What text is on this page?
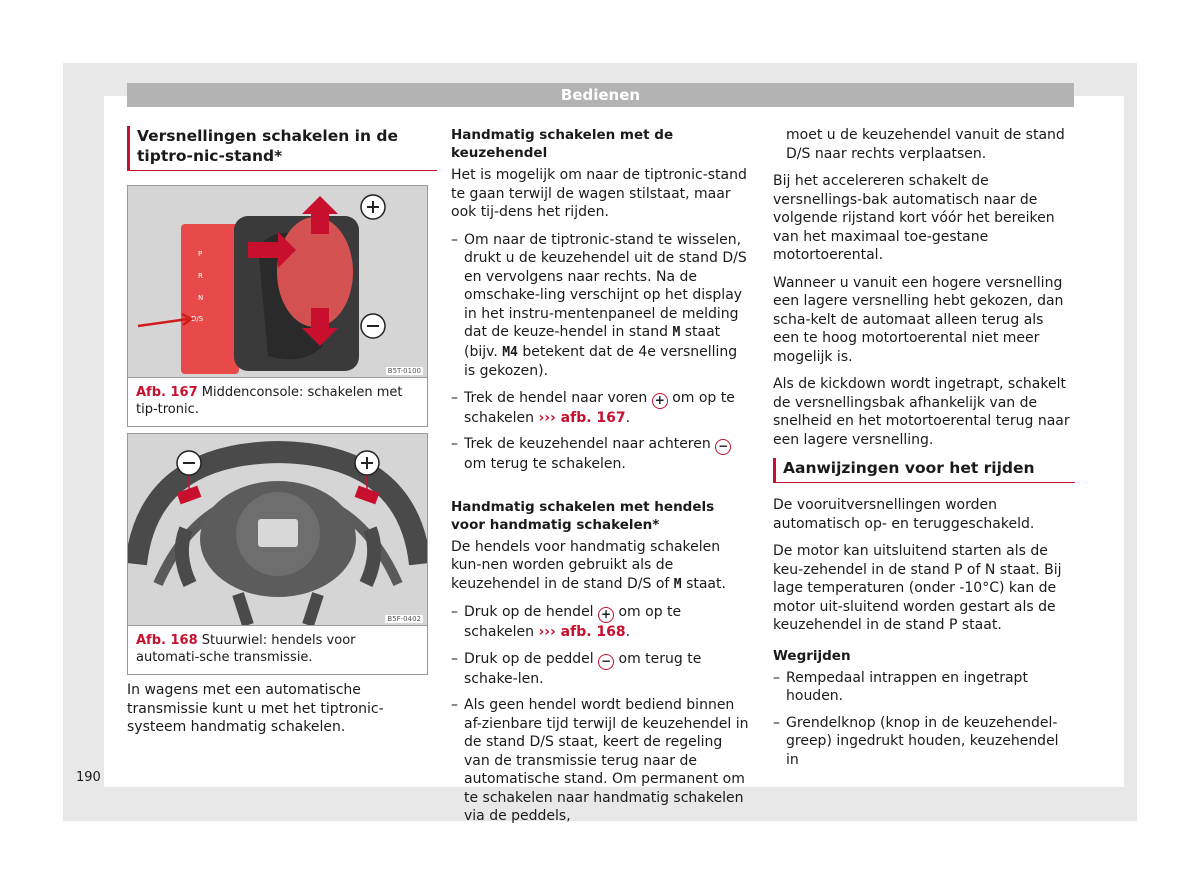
Bedienen
Versnellingen schakelen in de tiptro-nic-stand*
P
R
N
D/S
B5T-0100
Afb. 167 Middenconsole: schakelen met tip-tronic.
B5F-0402
Afb. 168 Stuurwiel: hendels voor automati-sche transmissie.

In wagens met een automatische transmissie kunt u met het tiptronic-systeem handmatig schakelen.

Handmatig schakelen met de keuzehendel

Het is mogelijk om naar de tiptronic-stand te gaan terwijl de wagen stilstaat, maar ook tij-dens het rijden.

– Om naar de tiptronic-stand te wisselen, drukt u de keuzehendel uit de stand D/S en vervolgens naar rechts. Na de omschake-ling verschijnt op het display in het instru-mentenpaneel de melding dat de keuze-hendel in stand M staat (bijv. M4 betekent dat de 4e versnelling is gekozen).
– Trek de hendel naar voren + om op te schakelen ››› afb. 167.
– Trek de keuzehendel naar achteren − om terug te schakelen.
Handmatig schakelen met hendels voor handmatig schakelen*

De hendels voor handmatig schakelen kun-nen worden gebruikt als de keuzehendel in de stand D/S of M staat.

– Druk op de hendel + om op te schakelen ››› afb. 168.
– Druk op de peddel − om terug te schake-len.
– Als geen hendel wordt bediend binnen af-zienbare tijd terwijl de keuzehendel in de stand D/S staat, keert de regeling van de transmissie terug naar de automatische stand. Om permanent om te schakelen naar handmatig schakelen via de peddels,

moet u de keuzehendel vanuit de stand D/S naar rechts verplaatsen.

Bij het accelereren schakelt de versnellings-bak automatisch naar de volgende rijstand kort vóór het bereiken van het maximaal toe-gestane motortoerental.

Wanneer u vanuit een hogere versnelling een lagere versnelling hebt gekozen, dan scha-kelt de automaat alleen terug als een te hoog motortoerental niet meer mogelijk is.

Als de kickdown wordt ingetrapt, schakelt de versnellingsbak afhankelijk van de snelheid en het motortoerental terug naar een lagere versnelling.

Aanwijzingen voor het rijden

De vooruitversnellingen worden automatisch op- en teruggeschakeld.

De motor kan uitsluitend starten als de keu-zehendel in de stand P of N staat. Bij lage temperaturen (onder -10°C) kan de motor uit-sluitend worden gestart als de keuzehendel in de stand P staat.

Wegrijden
– Rempedaal intrappen en ingetrapt houden.
– Grendelknop (knop in de keuzehendel-greep) ingedrukt houden, keuzehendel in
190
